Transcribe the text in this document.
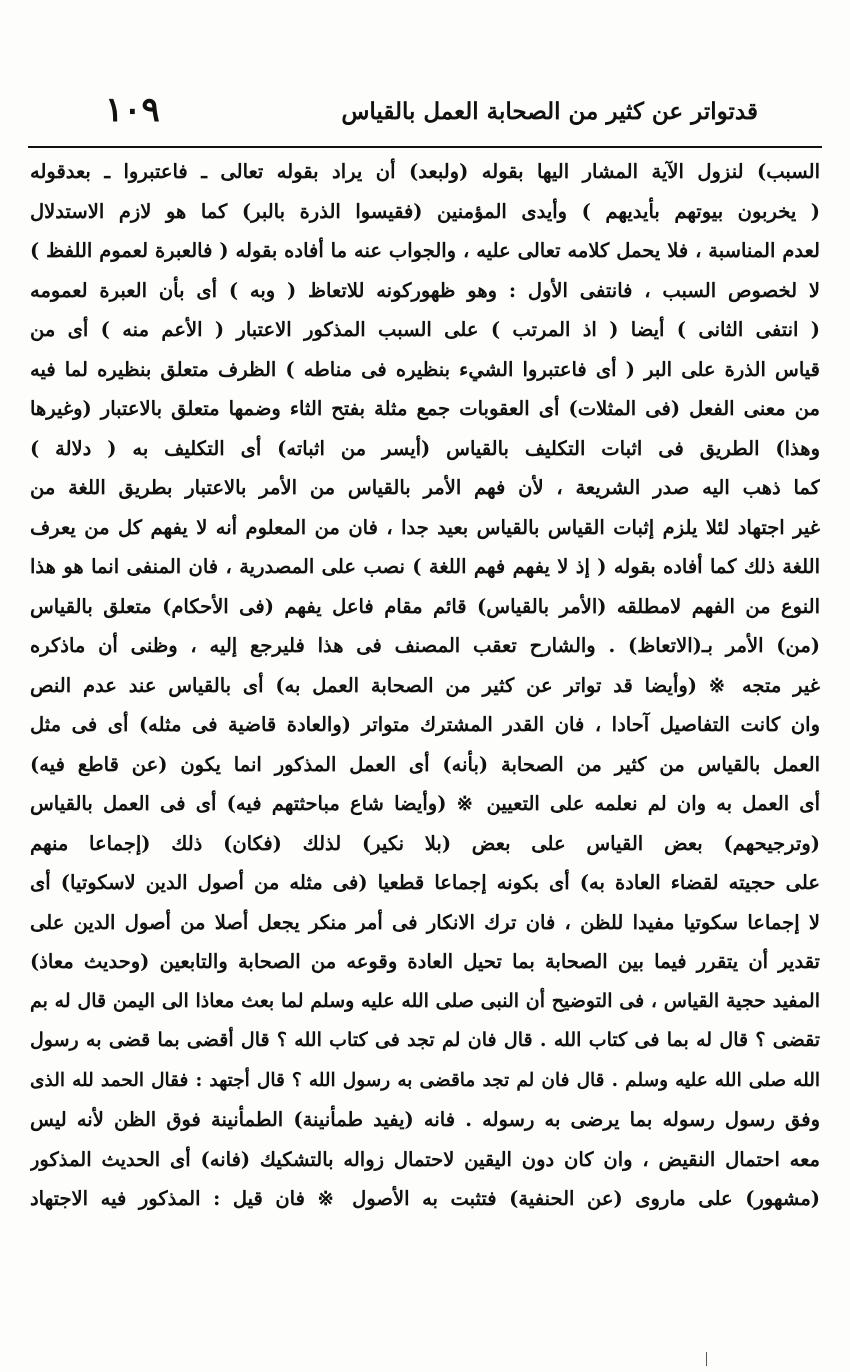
قدتواتر عن كثير من الصحابة العمل بالقياس
١٠٩
السبب) لنزول الآية المشار اليها بقوله (ولبعد) أن يراد بقوله تعالى ـ فاعتبروا ـ بعدقوله
( يخربون بيوتهم بأيديهم ) وأيدى المؤمنين (فقيسوا الذرة بالبر) كما هو لازم الاستدلال
لعدم المناسبة ، فلا يحمل كلامه تعالى عليه ، والجواب عنه ما أفاده بقوله ( فالعبرة لعموم اللفظ )
لا لخصوص السبب ، فانتفى الأول : وهو ظهوركونه للاتعاظ ( وبه ) أى بأن العبرة لعمومه
( انتفى الثانى ) أيضا ( اذ المرتب ) على السبب المذكور الاعتبار ( الأعم منه ) أى من
قياس الذرة على البر ( أى فاعتبروا الشيء بنظيره فى مناطه ) الظرف متعلق بنظيره لما فيه
من معنى الفعل (فى المثلات) أى العقوبات جمع مثلة بفتح الثاء وضمها متعلق بالاعتبار (وغيرها
وهذا) الطريق فى اثبات التكليف بالقياس (أيسر من اثباته) أى التكليف به ( دلالة )
كما ذهب اليه صدر الشريعة ، لأن فهم الأمر بالقياس من الأمر بالاعتبار بطريق اللغة من
غير اجتهاد لئلا يلزم إثبات القياس بالقياس بعيد جدا ، فان من المعلوم أنه لا يفهم كل من يعرف
اللغة ذلك كما أفاده بقوله ( إذ لا يفهم فهم اللغة ) نصب على المصدرية ، فان المنفى انما هو هذا
النوع من الفهم لامطلقه (الأمر بالقياس) قائم مقام فاعل يفهم (فى الأحكام) متعلق بالقياس
(من) الأمر بـ(الاتعاظ) . والشارح تعقب المصنف فى هذا فليرجع إليه ، وظنى أن ماذكره
غير متجه ※ (وأيضا قد تواتر عن كثير من الصحابة العمل به) أى بالقياس عند عدم النص
وان كانت التفاصيل آحادا ، فان القدر المشترك متواتر (والعادة قاضية فى مثله) أى فى مثل
العمل بالقياس من كثير من الصحابة (بأنه) أى العمل المذكور انما يكون (عن قاطع فيه)
أى العمل به وان لم نعلمه على التعيين ※ (وأيضا شاع مباحثتهم فيه) أى فى العمل بالقياس
(وترجيحهم) بعض القياس على بعض (بلا نكير) لذلك (فكان) ذلك (إجماعا منهم
على حجيته لقضاء العادة به) أى بكونه إجماعا قطعيا (فى مثله من أصول الدين لاسكوتيا) أى
لا إجماعا سكوتيا مفيدا للظن ، فان ترك الانكار فى أمر منكر يجعل أصلا من أصول الدين على
تقدير أن يتقرر فيما بين الصحابة بما تحيل العادة وقوعه من الصحابة والتابعين (وحديث معاذ)
المفيد حجية القياس ، فى التوضيح أن النبى صلى الله عليه وسلم لما بعث معاذا الى اليمن قال له بم
تقضى ؟ قال له بما فى كتاب الله . قال فان لم تجد فى كتاب الله ؟ قال أقضى بما قضى به رسول
الله صلى الله عليه وسلم . قال فان لم تجد ماقضى به رسول الله ؟ قال أجتهد : فقال الحمد لله الذى
وفق رسول رسوله بما يرضى به رسوله . فانه (يفيد طمأنينة) الطمأنينة فوق الظن لأنه ليس
معه احتمال النقيض ، وان كان دون اليقين لاحتمال زواله بالتشكيك (فانه) أى الحديث المذكور
(مشهور) على ماروى (عن الحنفية) فتثبت به الأصول ※ فان قيل : المذكور فيه الاجتهاد
